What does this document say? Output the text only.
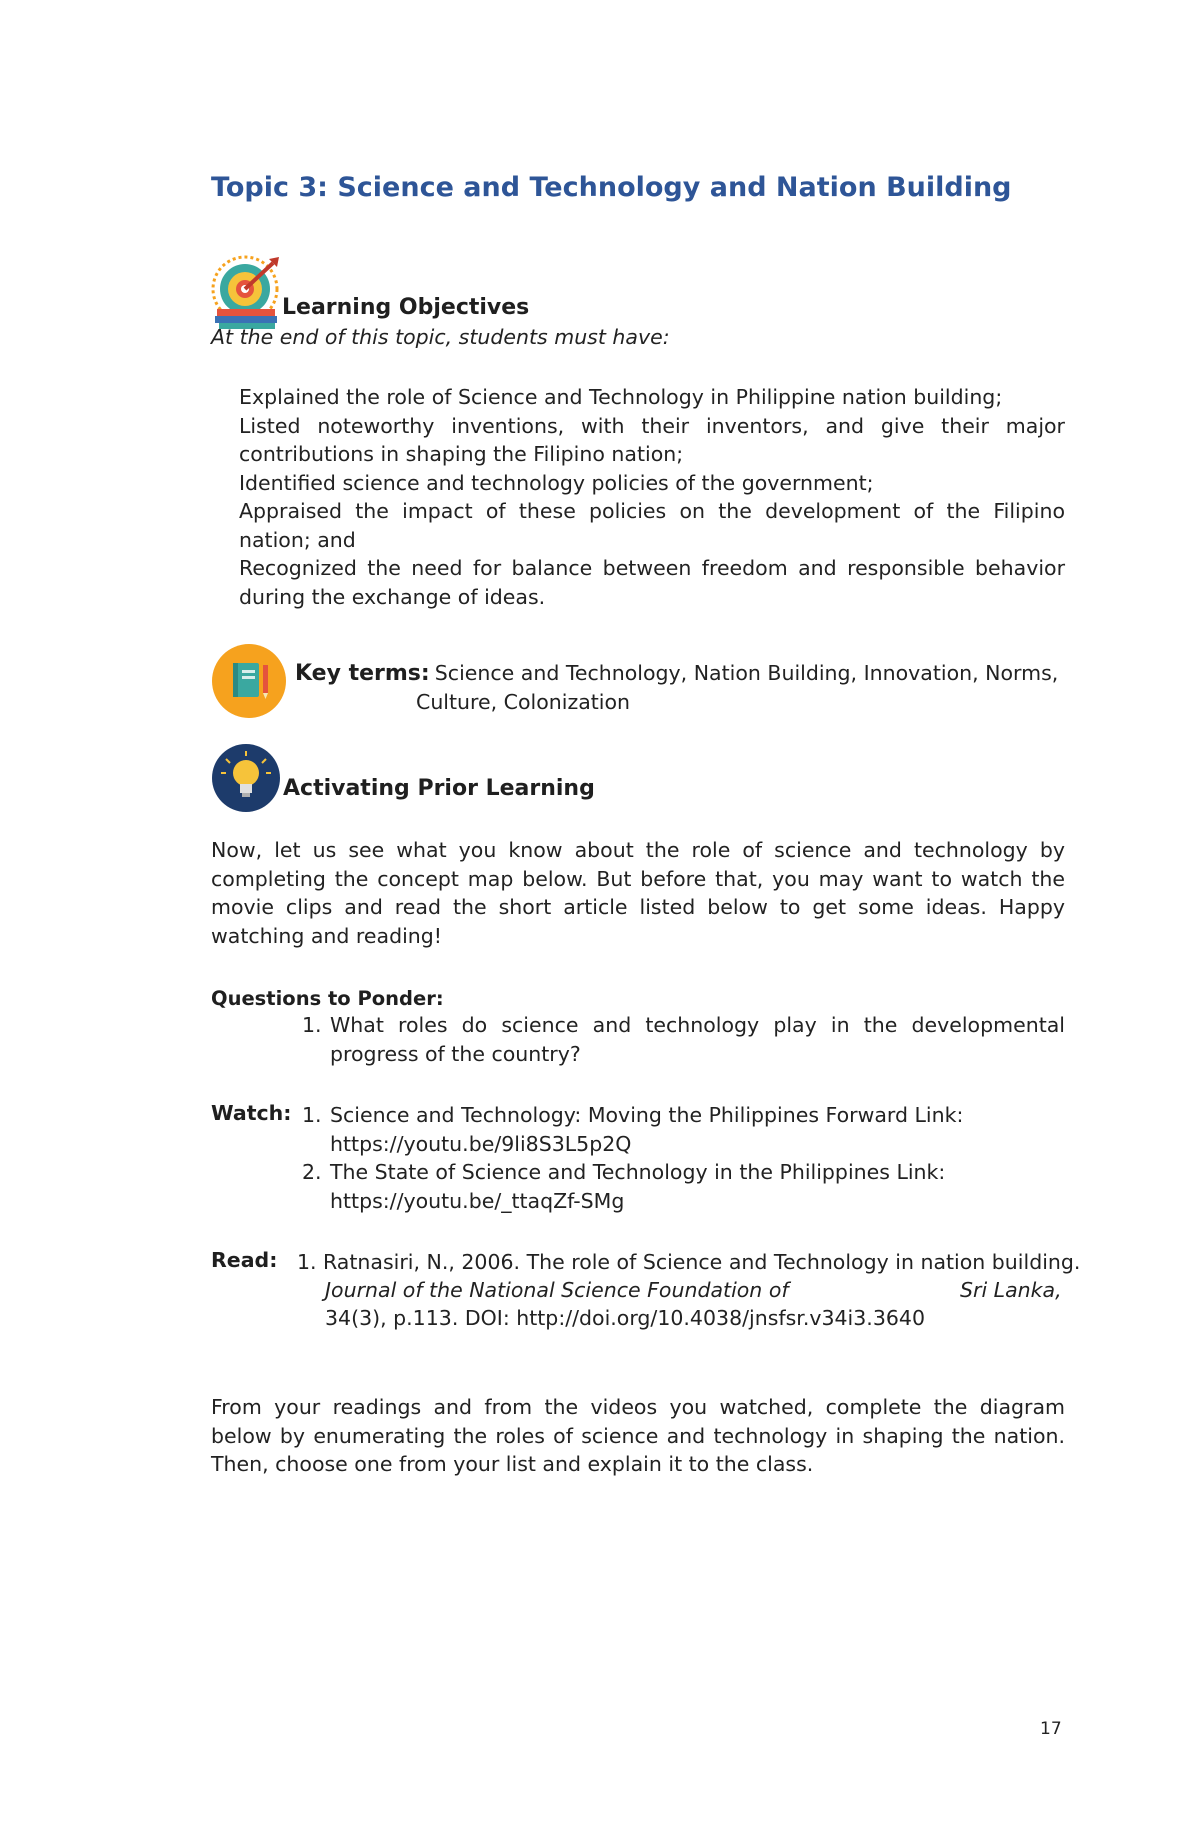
Topic 3: Science and Technology and Nation Building
Learning Objectives
At the end of this topic, students must have:
Explained the role of Science and Technology in Philippine nation building;
Listed noteworthy inventions, with their inventors, and give their major contributions in shaping the Filipino nation;
Identified science and technology policies of the government;
Appraised the impact of these policies on the development of the Filipino nation; and
Recognized the need for balance between freedom and responsible behavior during the exchange of ideas.
Key terms: Science and Technology, Nation Building, Innovation, Norms,
Culture, Colonization
Activating Prior Learning
Now, let us see what you know about the role of science and technology by completing the concept map below. But before that, you may want to watch the movie clips and read the short article listed below to get some ideas. Happy watching and reading!
Questions to Ponder:
1. What roles do science and technology play in the developmental progress of the country?
Watch: 1. Science and Technology: Moving the Philippines Forward Link:
https://youtu.be/9li8S3L5p2Q
2. The State of Science and Technology in the Philippines Link:
https://youtu.be/_ttaqZf-SMg
Read: 1. Ratnasiri, N., 2006. The role of Science and Technology in nation building.
Journal of the National Science Foundation of	Sri Lanka,
34(3), p.113. DOI: http://doi.org/10.4038/jnsfsr.v34i3.3640
From your readings and from the videos you watched, complete the diagram below by enumerating the roles of science and technology in shaping the nation. Then, choose one from your list and explain it to the class.
17
